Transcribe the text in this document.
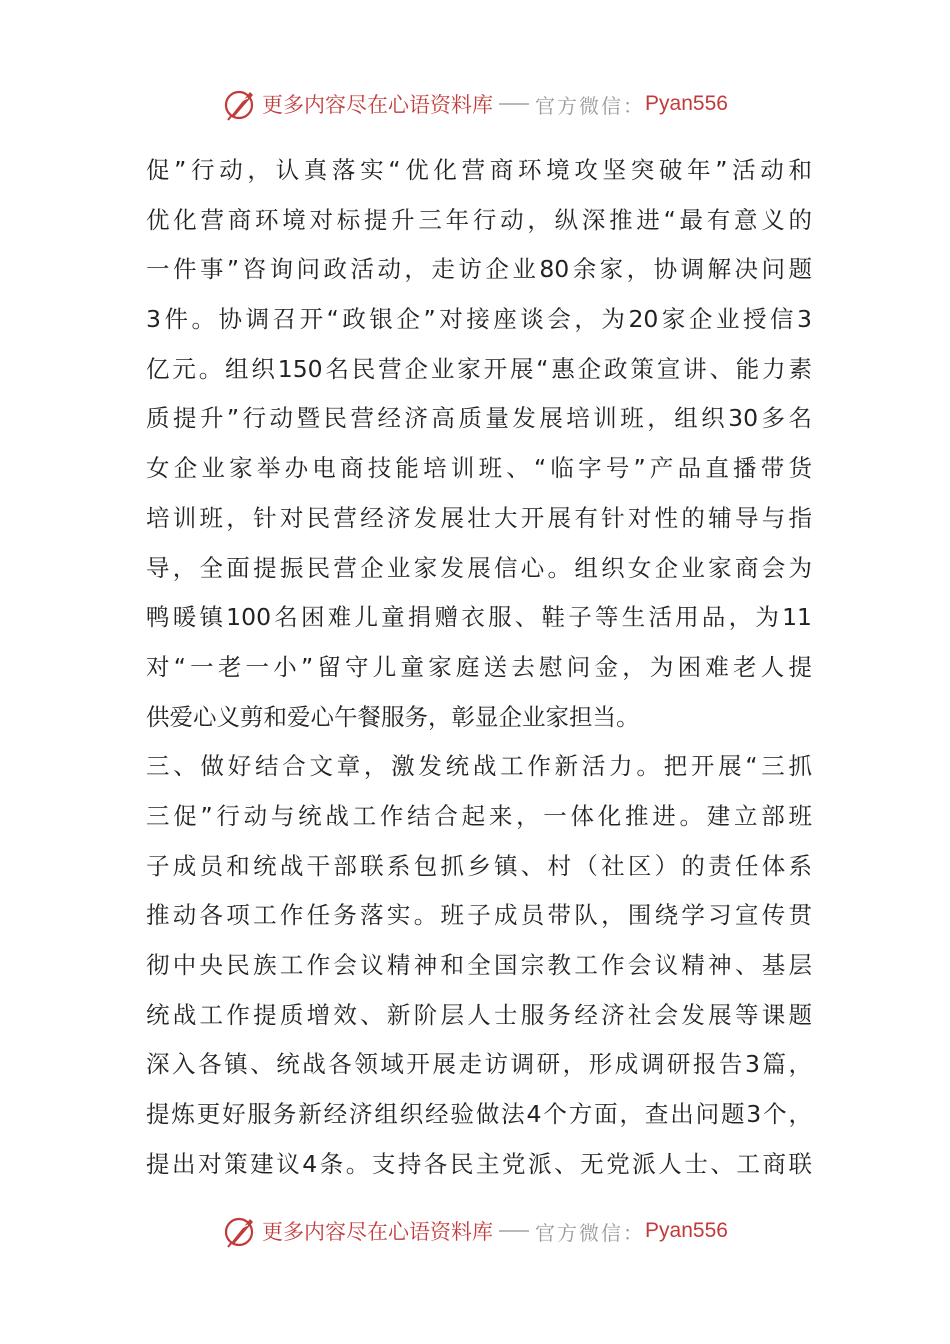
更多内容尽在心语资料库 官方微信： Pyan556
促”行动，认真落实“优化营商环境攻坚突破年”活动和
优化营商环境对标提升三年行动，纵深推进“最有意义的
一件事”咨询问政活动，走访企业80余家，协调解决问题
3件。协调召开“政银企”对接座谈会，为20家企业授信3
亿元。组织150名民营企业家开展“惠企政策宣讲、能力素
质提升”行动暨民营经济高质量发展培训班，组织30多名
女企业家举办电商技能培训班、“临字号”产品直播带货
培训班，针对民营经济发展壮大开展有针对性的辅导与指
导，全面提振民营企业家发展信心。组织女企业家商会为
鸭暖镇100名困难儿童捐赠衣服、鞋子等生活用品，为11
对“一老一小”留守儿童家庭送去慰问金，为困难老人提
供爱心义剪和爱心午餐服务，彰显企业家担当。
三、做好结合文章，激发统战工作新活力。把开展“三抓
三促”行动与统战工作结合起来，一体化推进。建立部班
子成员和统战干部联系包抓乡镇、村（社区）的责任体系
推动各项工作任务落实。班子成员带队，围绕学习宣传贯
彻中央民族工作会议精神和全国宗教工作会议精神、基层
统战工作提质增效、新阶层人士服务经济社会发展等课题
深入各镇、统战各领域开展走访调研，形成调研报告3篇，
提炼更好服务新经济组织经验做法4个方面，查出问题3个，
提出对策建议4条。支持各民主党派、无党派人士、工商联
更多内容尽在心语资料库 官方微信： Pyan556
